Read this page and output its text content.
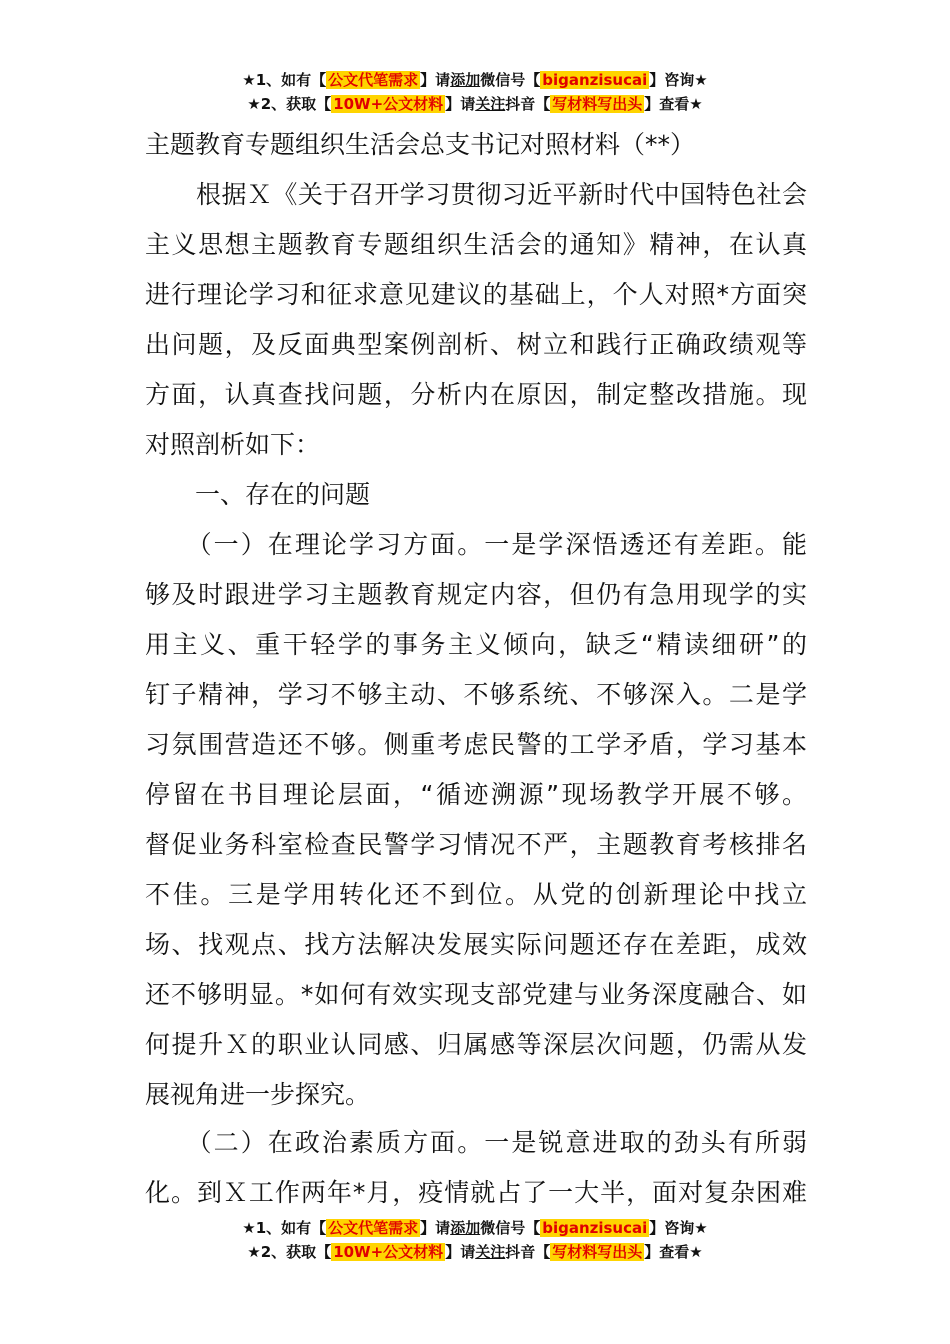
★1、如有【 公文代笔需求 】请添加微信号【 biganzisucai 】咨询★
★2、获取【 10W+公文材料 】请关注抖音【 写材料写出头 】查看★
主题教育专题组织生活会总支书记对照材料（**）
　　根据Ｘ《关于召开学习贯彻习近平新时代中国特色社会
主义思想主题教育专题组织生活会的通知》精神，在认真
进行理论学习和征求意见建议的基础上，个人对照*方面突
出问题，及反面典型案例剖析、树立和践行正确政绩观等
方面，认真查找问题，分析内在原因，制定整改措施。现
对照剖析如下：
　　一、存在的问题
　　（一）在理论学习方面。一是学深悟透还有差距。能
够及时跟进学习主题教育规定内容，但仍有急用现学的实
用主义、重干轻学的事务主义倾向，缺乏“精读细研”的
钉子精神，学习不够主动、不够系统、不够深入。二是学
习氛围营造还不够。侧重考虑民警的工学矛盾，学习基本
停留在书目理论层面，“循迹溯源”现场教学开展不够。
督促业务科室检查民警学习情况不严，主题教育考核排名
不佳。三是学用转化还不到位。从党的创新理论中找立
场、找观点、找方法解决发展实际问题还存在差距，成效
还不够明显。*如何有效实现支部党建与业务深度融合、如
何提升Ｘ的职业认同感、归属感等深层次问题，仍需从发
展视角进一步探究。
　　（二）在政治素质方面。一是锐意进取的劲头有所弱
化。到Ｘ工作两年*月，疫情就占了一大半，面对复杂困难
★1、如有【 公文代笔需求 】请添加微信号【 biganzisucai 】咨询★
★2、获取【 10W+公文材料 】请关注抖音【 写材料写出头 】查看★
